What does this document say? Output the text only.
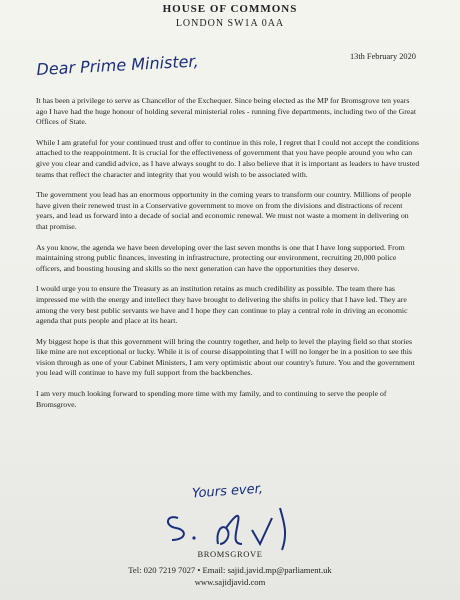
HOUSE OF COMMONS
LONDON SW1A 0AA
13th February 2020
Dear Prime Minister,

It has been a privilege to serve as Chancellor of the Exchequer. Since being elected as the MP for Bromsgrove ten years ago I have had the huge honour of holding several ministerial roles - running five departments, including two of the Great Offices of State.

While I am grateful for your continued trust and offer to continue in this role, I regret that I could not accept the conditions attached to the reappointment. It is crucial for the effectiveness of government that you have people around you who can give you clear and candid advice, as I have always sought to do. I also believe that it is important as leaders to have trusted teams that reflect the character and integrity that you would wish to be associated with.

The government you lead has an enormous opportunity in the coming years to transform our country. Millions of people have given their renewed trust in a Conservative government to move on from the divisions and distractions of recent years, and lead us forward into a decade of social and economic renewal. We must not waste a moment in delivering on that promise.

As you know, the agenda we have been developing over the last seven months is one that I have long supported. From maintaining strong public finances, investing in infrastructure, protecting our environment, recruiting 20,000 police officers, and boosting housing and skills so the next generation can have the opportunities they deserve.

I would urge you to ensure the Treasury as an institution retains as much credibility as possible. The team there has impressed me with the energy and intellect they have brought to delivering the shifts in policy that I have led. They are among the very best public servants we have and I hope they can continue to play a central role in driving an economic agenda that puts people and place at its heart.

My biggest hope is that this government will bring the country together, and help to level the playing field so that stories like mine are not exceptional or lucky. While it is of course disappointing that I will no longer be in a position to see this vision through as one of your Cabinet Ministers, I am very optimistic about our country's future. You and the government you lead will continue to have my full support from the backbenches.

I am very much looking forward to spending more time with my family, and to continuing to serve the people of Bromsgrove.

Yours ever,
BROMSGROVE
Tel: 020 7219 7027 • Email: sajid.javid.mp@parliament.uk
www.sajidjavid.com
